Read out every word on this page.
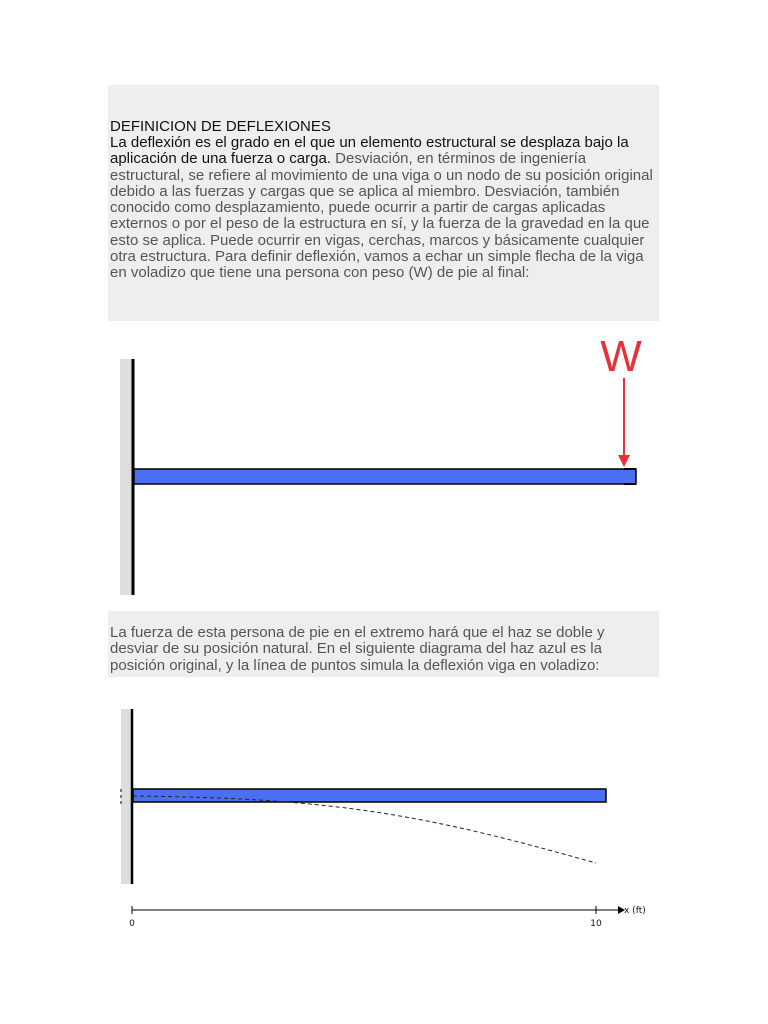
DEFINICION DE DEFLEXIONES

La deflexión es el grado en el que un elemento estructural se desplaza bajo la aplicación de una fuerza o carga. Desviación, en términos de ingeniería estructural, se refiere al movimiento de una viga o un nodo de su posición original debido a las fuerzas y cargas que se aplica al miembro. Desviación, también conocido como desplazamiento, puede ocurrir a partir de cargas aplicadas externos o por el peso de la estructura en sí, y la fuerza de la gravedad en la que esto se aplica. Puede ocurrir en vigas, cerchas, marcos y básicamente cualquier otra estructura. Para definir deflexión, vamos a echar un simple flecha de la viga en voladizo que tiene una persona con peso (W) de pie al final:

W

La fuerza de esta persona de pie en el extremo hará que el haz se doble y desviar de su posición natural. En el siguiente diagrama del haz azul es la posición original, y la línea de puntos simula la deflexión viga en voladizo:

0	10
x (ft)
